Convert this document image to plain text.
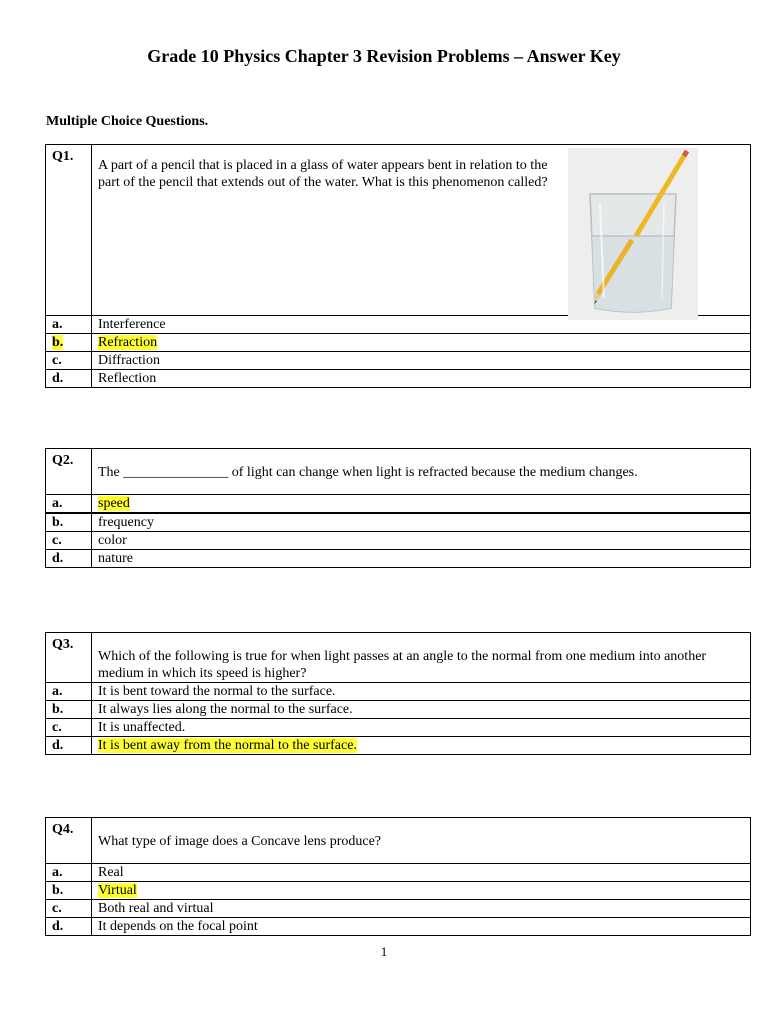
Grade 10 Physics Chapter 3 Revision Problems – Answer Key
Multiple Choice Questions.
Q1.	A part of a pencil that is placed in a glass of water appears bent in relation to the part of the pencil that extends out of the water. What is this phenomenon called?

a.	Interference
b.	Refraction
c.	Diffraction
d.	Reflection
Q2.	The _______________ of light can change when light is refracted because the medium changes.

a.	speed
b.	frequency
c.	color
d.	nature
Q3.	Which of the following is true for when light passes at an angle to the normal from one medium into another medium in which its speed is higher?

a.	It is bent toward the normal to the surface.
b.	It always lies along the normal to the surface.
c.	It is unaffected.
d.	It is bent away from the normal to the surface.
Q4.	What type of image does a Concave lens produce?

a.	Real
b.	Virtual
c.	Both real and virtual
d.	It depends on the focal point
1
